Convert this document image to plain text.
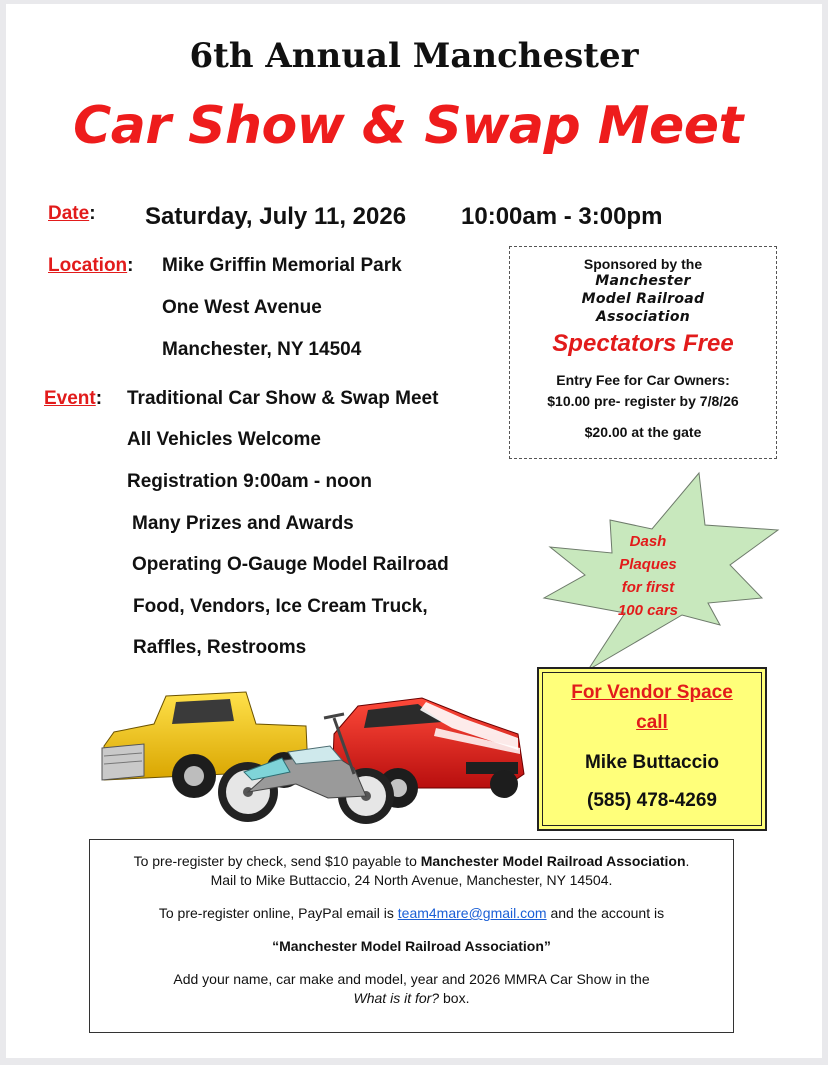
6th Annual Manchester
Car Show & Swap Meet
Date: Saturday, July 11, 2026 10:00am - 3:00pm
Location: Mike Griffin Memorial Park
One West Avenue
Manchester, NY 14504
Event: Traditional Car Show & Swap Meet
All Vehicles Welcome
Registration 9:00am - noon
Many Prizes and Awards
Operating O-Gauge Model Railroad
Food, Vendors, Ice Cream Truck,
Raffles, Restrooms
Sponsored by the
Manchester
Model Railroad
Association
Spectators Free
Entry Fee for Car Owners:
$10.00 pre- register by 7/8/26
$20.00 at the gate
Dash
Plaques
for first
100 cars
For Vendor Space
call
Mike Buttaccio
(585) 478-4269

To pre-register by check, send $10 payable to Manchester Model Railroad Association.

Mail to Mike Buttaccio, 24 North Avenue, Manchester, NY 14504.

To pre-register online, PayPal email is team4mare@gmail.com and the account is

“Manchester Model Railroad Association”

Add your name, car make and model, year and 2026 MMRA Car Show in the

What is it for? box.
